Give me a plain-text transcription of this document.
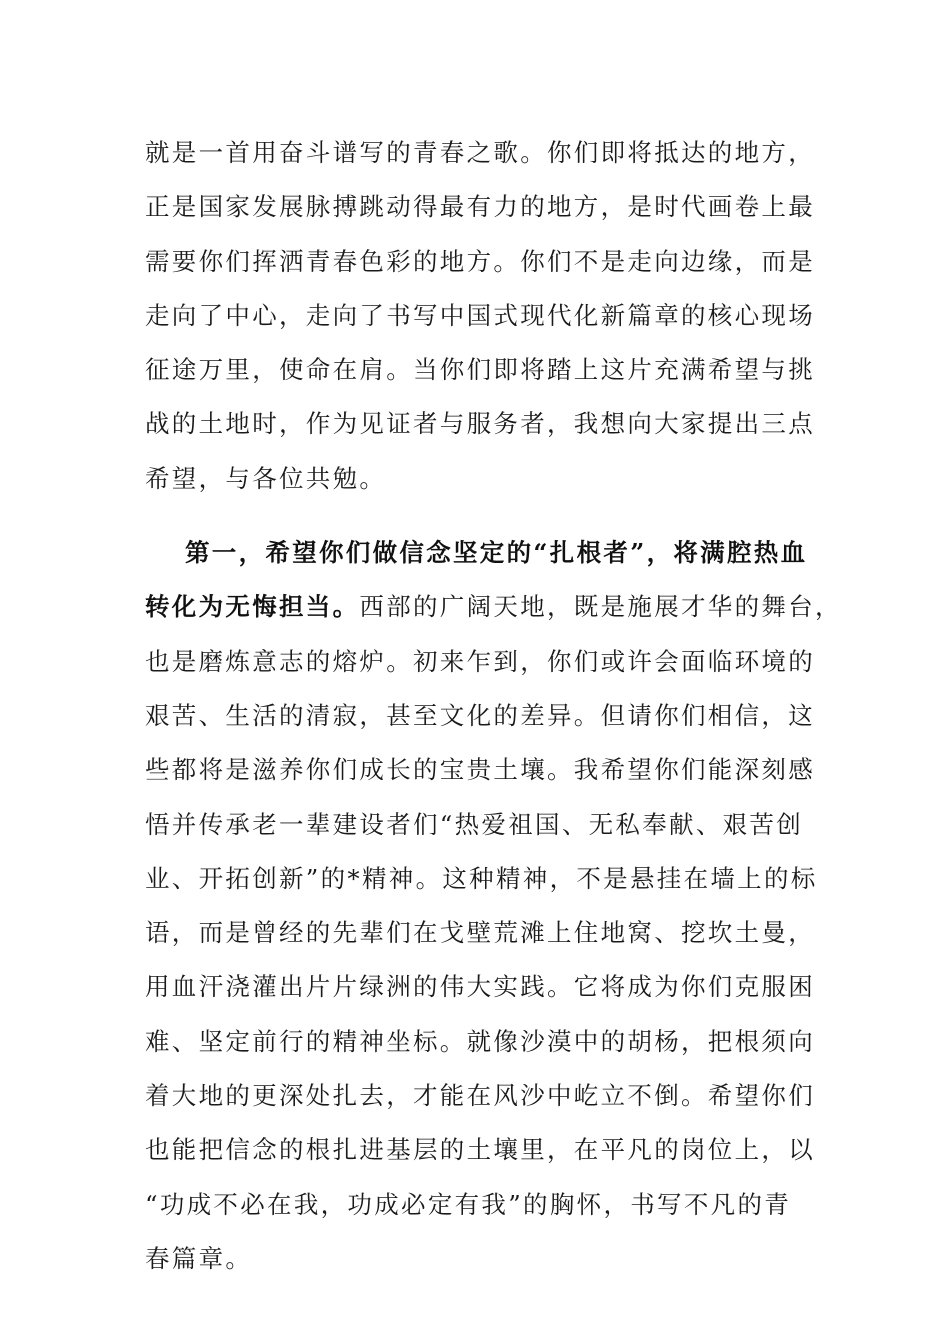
就是一首用奋斗谱写的青春之歌。你们即将抵达的地方，
正是国家发展脉搏跳动得最有力的地方，是时代画卷上最
需要你们挥洒青春色彩的地方。你们不是走向边缘，而是
走向了中心，走向了书写中国式现代化新篇章的核心现场
征途万里，使命在肩。当你们即将踏上这片充满希望与挑
战的土地时，作为见证者与服务者，我想向大家提出三点
希望，与各位共勉。
第一，希望你们做信念坚定的“扎根者”，将满腔热血
转化为无悔担当。西部的广阔天地，既是施展才华的舞台，
也是磨炼意志的熔炉。初来乍到，你们或许会面临环境的
艰苦、生活的清寂，甚至文化的差异。但请你们相信，这
些都将是滋养你们成长的宝贵土壤。我希望你们能深刻感
悟并传承老一辈建设者们“热爱祖国、无私奉献、艰苦创
业、开拓创新”的*精神。这种精神，不是悬挂在墙上的标
语，而是曾经的先辈们在戈壁荒滩上住地窝、挖坎土曼，
用血汗浇灌出片片绿洲的伟大实践。它将成为你们克服困
难、坚定前行的精神坐标。就像沙漠中的胡杨，把根须向
着大地的更深处扎去，才能在风沙中屹立不倒。希望你们
也能把信念的根扎进基层的土壤里，在平凡的岗位上，以
“功成不必在我，功成必定有我”的胸怀，书写不凡的青
春篇章。
